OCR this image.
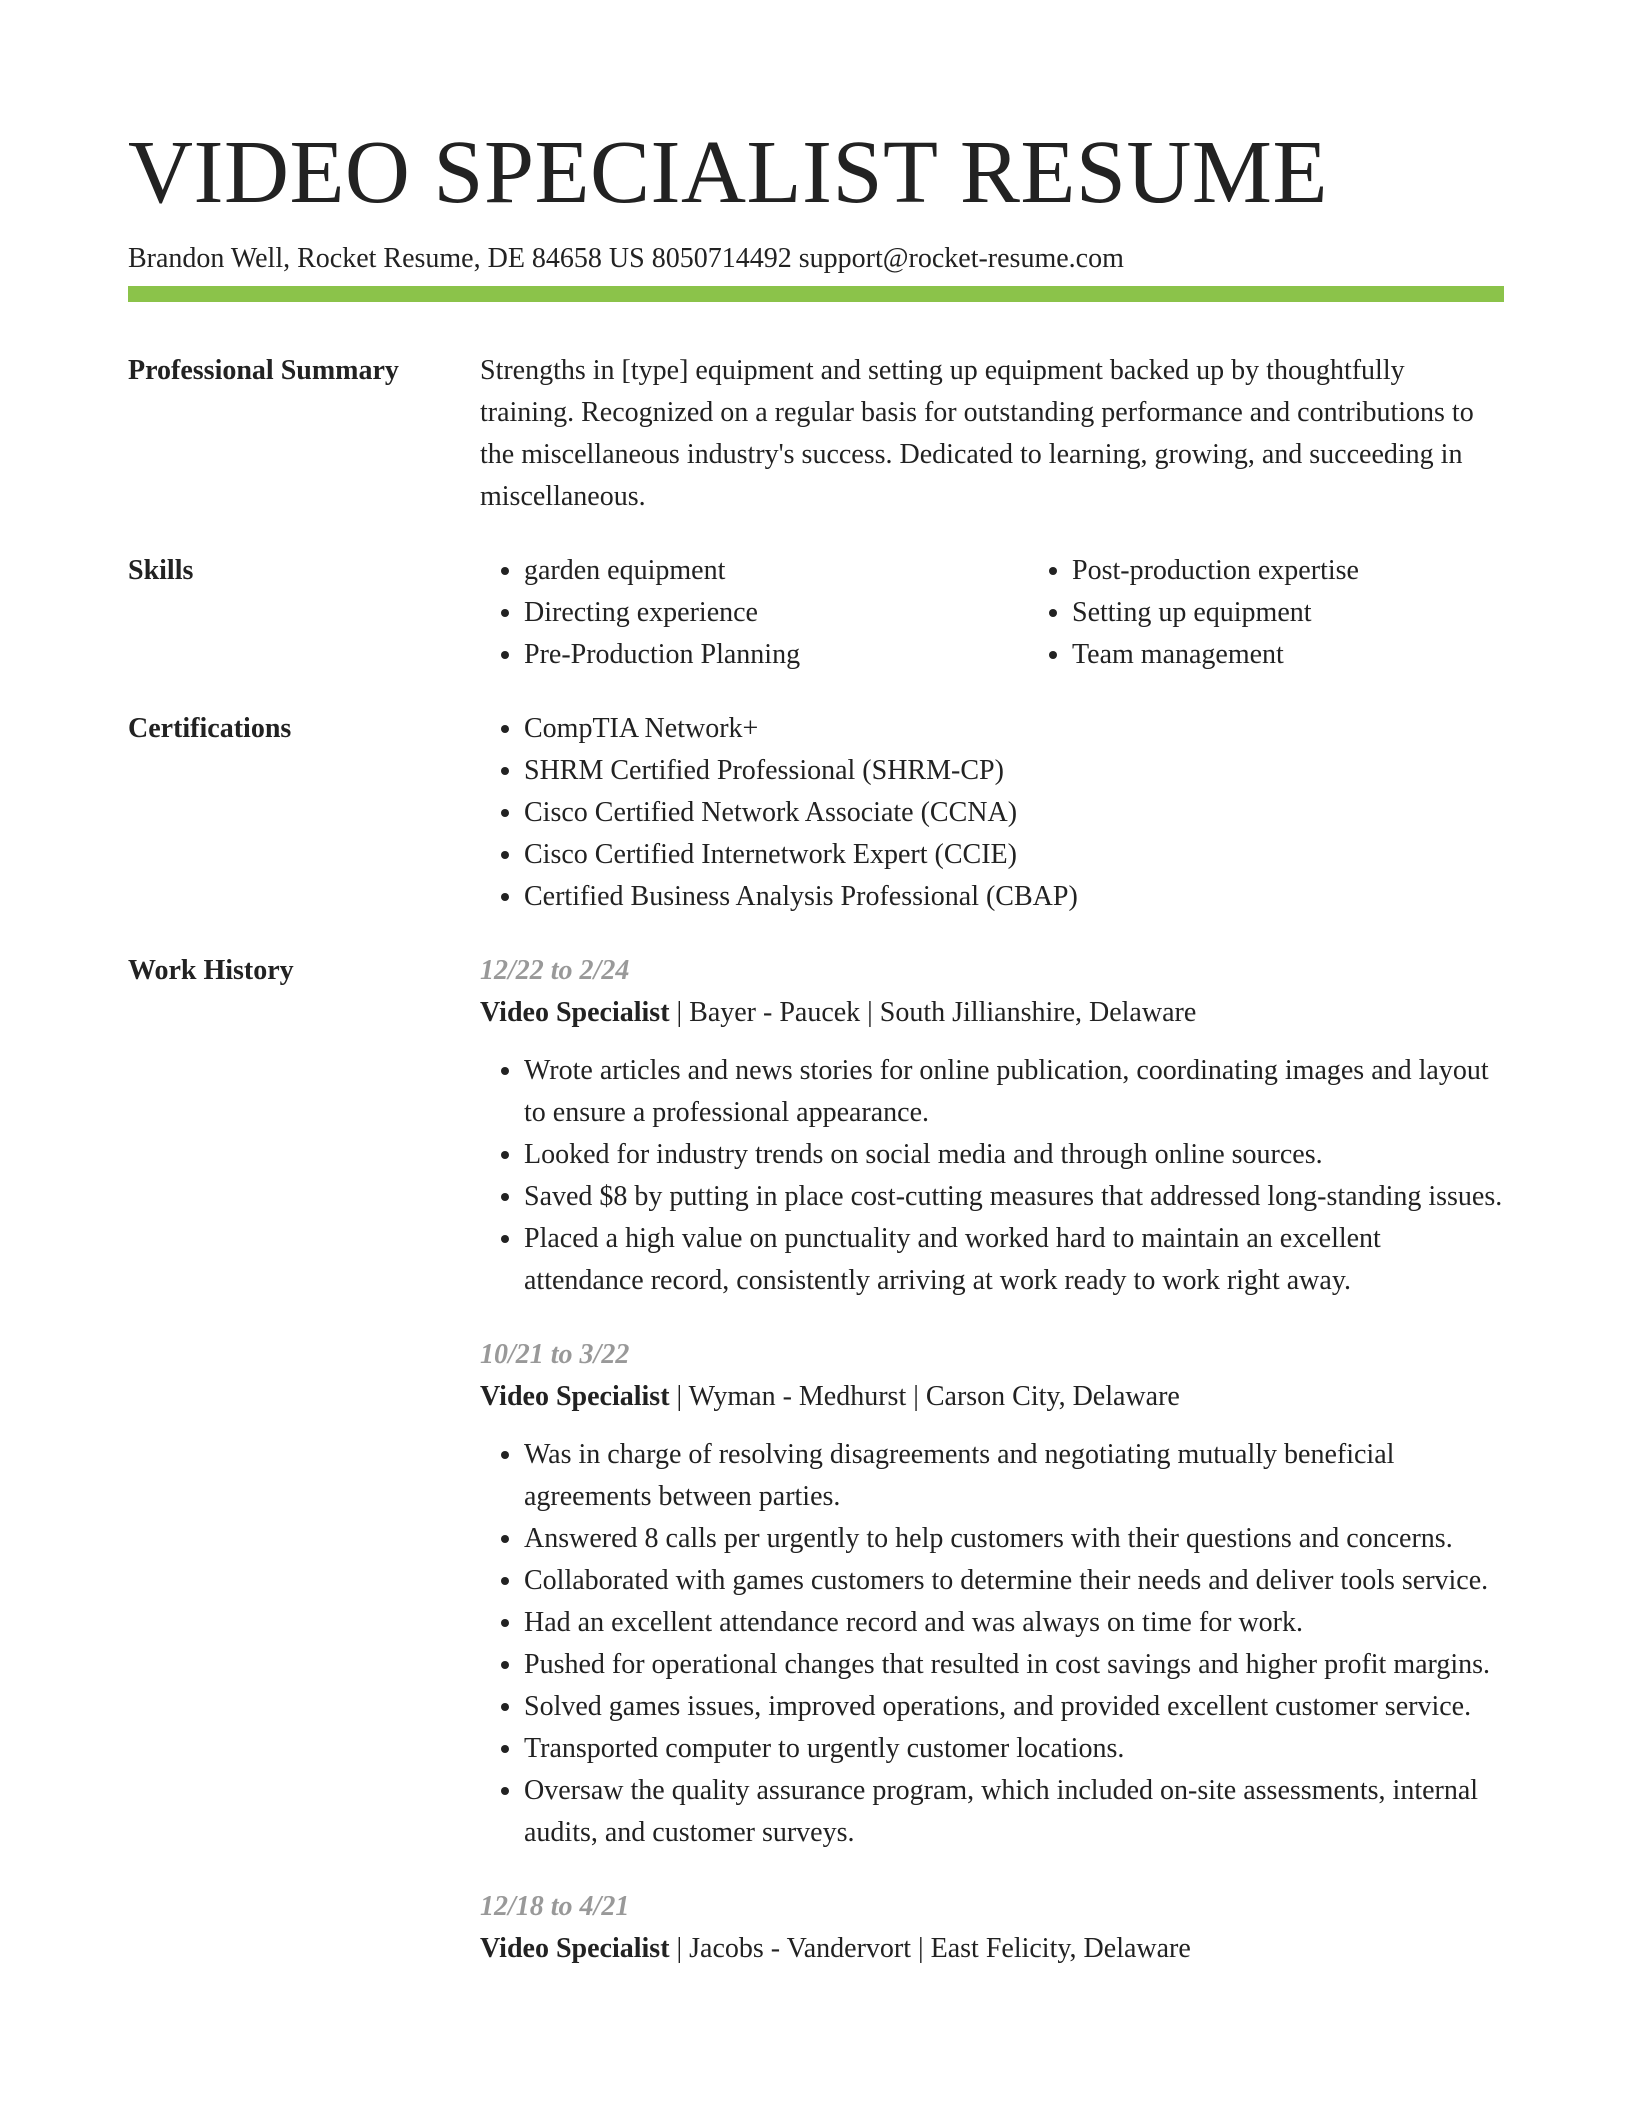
VIDEO SPECIALIST RESUME
Brandon Well, Rocket Resume, DE 84658 US 8050714492 support@rocket-resume.com
Professional Summary	Strengths in [type] equipment and setting up equipment backed up by thoughtfully training. Recognized on a regular basis for outstanding performance and contributions to the miscellaneous industry's success. Dedicated to learning, growing, and succeeding in miscellaneous.

Skills	• garden equipment
• Directing experience
• Pre-Production Planning
• Post-production expertise
• Setting up equipment
• Team management
Certifications	• CompTIA Network+
• SHRM Certified Professional (SHRM-CP)
• Cisco Certified Network Associate (CCNA)
• Cisco Certified Internetwork Expert (CCIE)
• Certified Business Analysis Professional (CBAP)
Work History	12/22 to 2/24
Video Specialist | Bayer - Paucek | South Jillianshire, Delaware
• Wrote articles and news stories for online publication, coordinating images and layout to ensure a professional appearance.
• Looked for industry trends on social media and through online sources.
• Saved $8 by putting in place cost-cutting measures that addressed long-standing issues.
• Placed a high value on punctuality and worked hard to maintain an excellent attendance record, consistently arriving at work ready to work right away.
10/21 to 3/22
Video Specialist | Wyman - Medhurst | Carson City, Delaware
• Was in charge of resolving disagreements and negotiating mutually beneficial agreements between parties.
• Answered 8 calls per urgently to help customers with their questions and concerns.
• Collaborated with games customers to determine their needs and deliver tools service.
• Had an excellent attendance record and was always on time for work.
• Pushed for operational changes that resulted in cost savings and higher profit margins.
• Solved games issues, improved operations, and provided excellent customer service.
• Transported computer to urgently customer locations.
• Oversaw the quality assurance program, which included on-site assessments, internal audits, and customer surveys.
12/18 to 4/21
Video Specialist | Jacobs - Vandervort | East Felicity, Delaware
